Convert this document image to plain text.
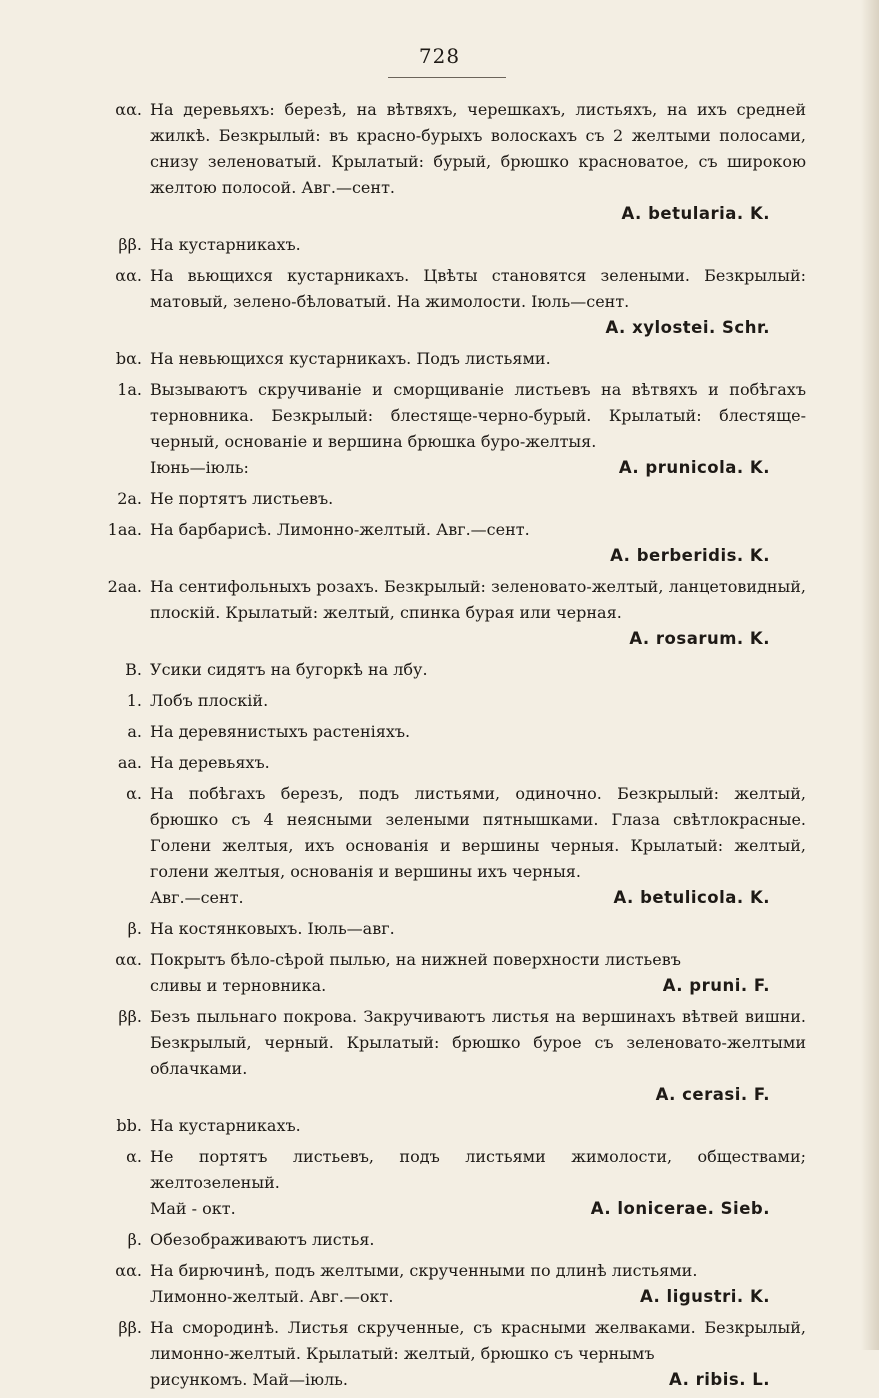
728
αα. На деревьяхъ: березѣ, на вѣтвяхъ, черешкахъ, листьяхъ, на ихъ средней жилкѣ. Безкрылый: въ красно-бурыхъ волоскахъ съ 2 желтыми полосами, снизу зеленоватый. Крылатый: бурый, брюшко красноватое, съ широкою желтою полосой. Авг.—сент.
A. betularia. K.
ββ. На кустарникахъ.
αα. На вьющихся кустарникахъ. Цвѣты становятся зелеными. Безкрылый: матовый, зелено-бѣловатый. На жимолости. Іюль—сент.
A. xylostei. Schr.
bα. На невьющихся кустарникахъ. Подъ листьями.
1a. Вызываютъ скручиваніе и сморщиваніе листьевъ на вѣтвяхъ и побѣгахъ терновника. Безкрылый: блестяще-черно-бурый. Крылатый: блестяще-черный, основаніе и вершина брюшка буро-желтыя.
Іюнь—іюль:	A. prunicola. K.
2a. Не портятъ листьевъ.
1aa. На барбарисѣ. Лимонно-желтый. Авг.—сент.
A. berberidis. K.
2aa. На сентифольныхъ розахъ. Безкрылый: зеленовато-желтый, ланцетовидный, плоскій. Крылатый: желтый, спинка бурая или черная.
A. rosarum. K.
B. Усики сидятъ на бугоркѣ на лбу.
1. Лобъ плоскій.
a. На деревянистыхъ растеніяхъ.
aa. На деревьяхъ.
α. На побѣгахъ березъ, подъ листьями, одиночно. Безкрылый: желтый, брюшко съ 4 неясными зелеными пятнышками. Глаза свѣтлокрасные. Голени желтыя, ихъ основанія и вершины черныя. Крылатый: желтый, голени желтыя, основанія и вершины ихъ черныя.
Авг.—сент.	A. betulicola. K.
β. На костянковыхъ. Іюль—авг.
αα. Покрытъ бѣло-сѣрой пылью, на нижней поверхности листьевъ
сливы и терновника.	A. pruni. F.
ββ. Безъ пыльнаго покрова. Закручиваютъ листья на вершинахъ вѣтвей вишни. Безкрылый, черный. Крылатый: брюшко бурое съ зеленовато-желтыми облачками.
A. cerasi. F.
bb. На кустарникахъ.
α. Не портятъ листьевъ, подъ листьями жимолости, обществами; желтозеленый.
Май - окт.	A. lonicerae. Sieb.
β. Обезображиваютъ листья.
αα. На бирючинѣ, подъ желтыми, скрученными по длинѣ листьями.
Лимонно-желтый. Авг.—окт.	A. ligustri. K.
ββ. На смородинѣ. Листья скрученные, съ красными желваками. Безкрылый, лимонно-желтый. Крылатый: желтый, брюшко съ чернымъ
рисункомъ. Май—іюль.	A. ribis. L.
